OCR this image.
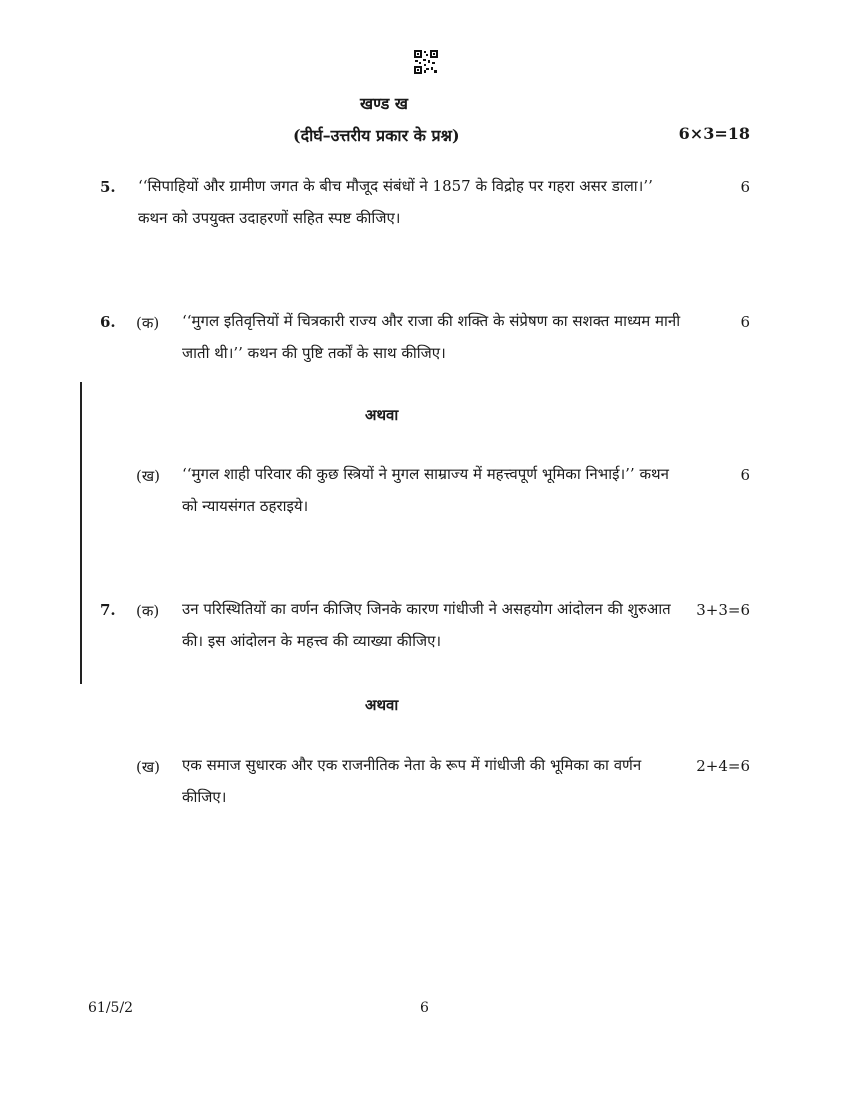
खण्ड ख
(दीर्घ–उत्तरीय प्रकार के प्रश्न)	6×3=18
5. ‘‘सिपाहियों और ग्रामीण जगत के बीच मौजूद संबंधों ने 1857 के विद्रोह पर गहरा असर डाला।’’ कथन को उपयुक्त उदाहरणों सहित स्पष्ट कीजिए।
6
6. (क) ‘‘मुगल इतिवृत्तियों में चित्रकारी राज्य और राजा की शक्ति के संप्रेषण का सशक्त माध्यम मानी जाती थी।’’ कथन की पुष्टि तर्कों के साथ कीजिए।
6
अथवा
(ख) ‘‘मुगल शाही परिवार की कुछ स्त्रियों ने मुगल साम्राज्य में महत्त्वपूर्ण भूमिका निभाई।’’ कथन को न्यायसंगत ठहराइये।
6
7. (क) उन परिस्थितियों का वर्णन कीजिए जिनके कारण गांधीजी ने असहयोग आंदोलन की शुरुआत की। इस आंदोलन के महत्त्व की व्याख्या कीजिए।
3+3=6
अथवा
(ख) एक समाज सुधारक और एक राजनीतिक नेता के रूप में गांधीजी की भूमिका का वर्णन कीजिए।
2+4=6
61/5/2	6
